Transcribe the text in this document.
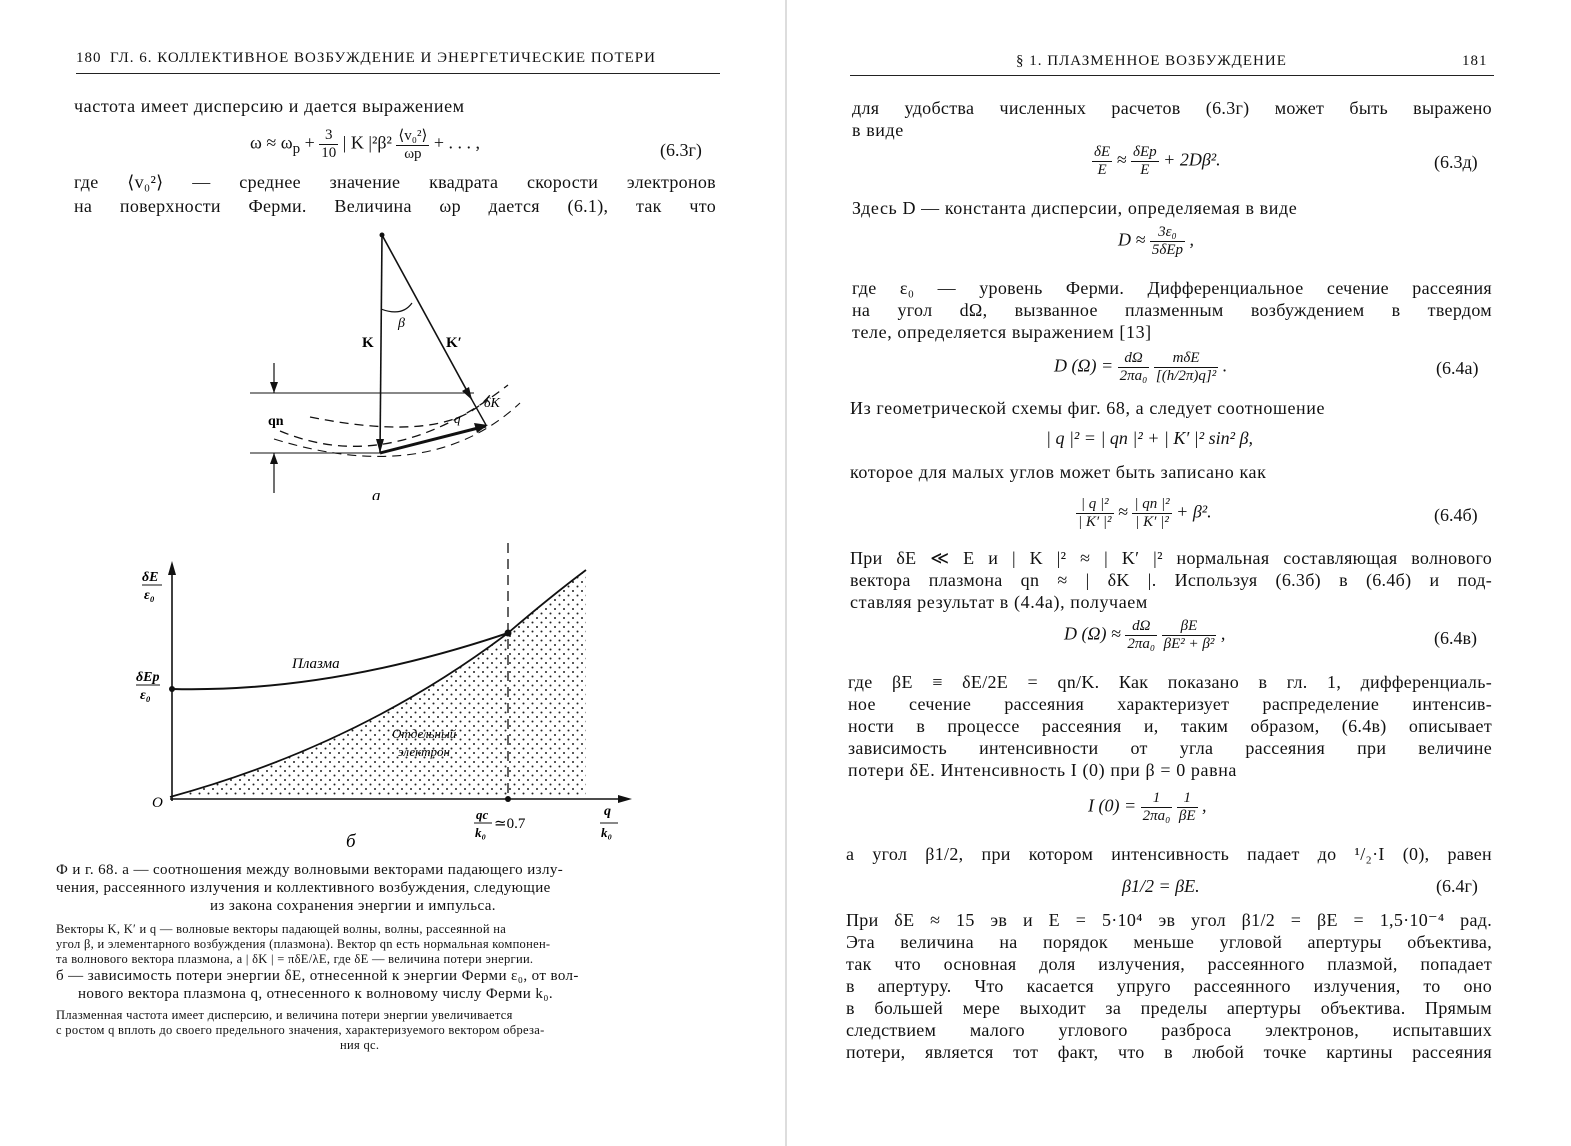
180 ГЛ. 6. КОЛЛЕКТИВНОЕ ВОЗБУЖДЕНИЕ И ЭНЕРГЕТИЧЕСКИЕ ПОТЕРИ
частота имеет дисперсию и дается выражением
$\omega \approx \omega_p + \frac{3}{10}$ | K $|^2\beta^2 \frac{\text{⟨v₀²⟩}}{\omega p}$ + . . . ,	(6.3г)
где ⟨v₀²⟩ — среднее значение квадрата скорости электронов
на поверхности Ферми. Величина ωp дается (6.1), так что
K	K′
β
q
δK
qn
a
δE
ε₀
δEp
ε₀
O
Плазма
Отдельный
электрон
qc
k₀
≃0.7
q
k₀
б
Ф и г. 68. а — соотношения между волновыми векторами падающего излу-
чения, рассеянного излучения и коллективного возбуждения, следующие
из закона сохранения энергии и импульса.
Векторы K, K′ и q — волновые векторы падающей волны, волны, рассеянной на
угол β, и элементарного возбуждения (плазмона). Вектор qn есть нормальная компонен-
та волнового вектора плазмона, а | δK | = πδE/λE, где δE — величина потери энергии.
б — зависимость потери энергии δE, отнесенной к энергии Ферми ε₀, от вол-
нового вектора плазмона q, отнесенного к волновому числу Ферми k₀.
Плазменная частота имеет дисперсию, и величина потери энергии увеличивается
с ростом q вплоть до своего предельного значения, характеризуемого вектором обреза-
ния qc.
§ 1. ПЛАЗМЕННОЕ ВОЗБУЖДЕНИЕ	181
для удобства численных расчетов (6.3г) может быть выражено
в виде
$\frac{\delta E}{E} \approx \frac{\text{δEp}}{E} + 2D\beta^2$.	(6.3д)
Здесь D — константа дисперсии, определяемая в виде
$D \approx \frac{\text{3ε₀}}{\text{5δEp}}$ ,
где ε₀ — уровень Ферми. Дифференциальное сечение рассеяния
на угол dΩ, вызванное плазменным возбуждением в твердом
теле, определяется выражением [13]
D $(\Omega) = \frac{d\Omega}{\text{2πa₀}}$
$\frac{\text{mδE}}{\text{[(h/2π)q]²}}$ .	(6.4а)
Из геометрической схемы фиг. 68, а следует соотношение
| q |² = | qn |² + | K′ |² sin² β,
которое для малых углов может быть записано как
$\frac{\text{| q |²}}{\text{| K′ |²}} \approx \frac{\text{| qn |²}}{\text{| K′ |²}} + \beta^2$.	(6.4б)
При δE ≪ E и | K |² ≈ | K′ |² нормальная составляющая волнового
вектора плазмона qn ≈ | δK |. Используя (6.3б) в (6.4б) и под-
ставляя результат в (4.4а), получаем
D $(\Omega) \approx \frac{d\Omega}{\text{2πa₀}}$
$\frac{\beta E}{\text{βE² + β²}}$ ,	(6.4в)
где βE ≡ δE/2E = qn/K. Как показано в гл. 1, дифференциаль-
ное сечение рассеяния характеризует распределение интенсив-
ности в процессе рассеяния и, таким образом, (6.4в) описывает
зависимость интенсивности от угла рассеяния при величине
потери δE. Интенсивность I (0) при β = 0 равна
I $(0) = \frac{1}{\text{2πa₀}}$
$\frac{1}{\beta E}$ ,
а угол β1/2, при котором интенсивность падает до ¹/₂·I (0), равен
β1/2 = βE.	(6.4г)
При δE ≈ 15 эв и E = 5·10⁴ эв угол β1/2 = βE = 1,5·10⁻⁴ рад.
Эта величина на порядок меньше угловой апертуры объектива,
так что основная доля излучения, рассеянного плазмой, попадает
в апертуру. Что касается упруго рассеянного излучения, то оно
в большей мере выходит за пределы апертуры объектива. Прямым
следствием малого углового разброса электронов, испытавших
потери, является тот факт, что в любой точке картины рассеяния
